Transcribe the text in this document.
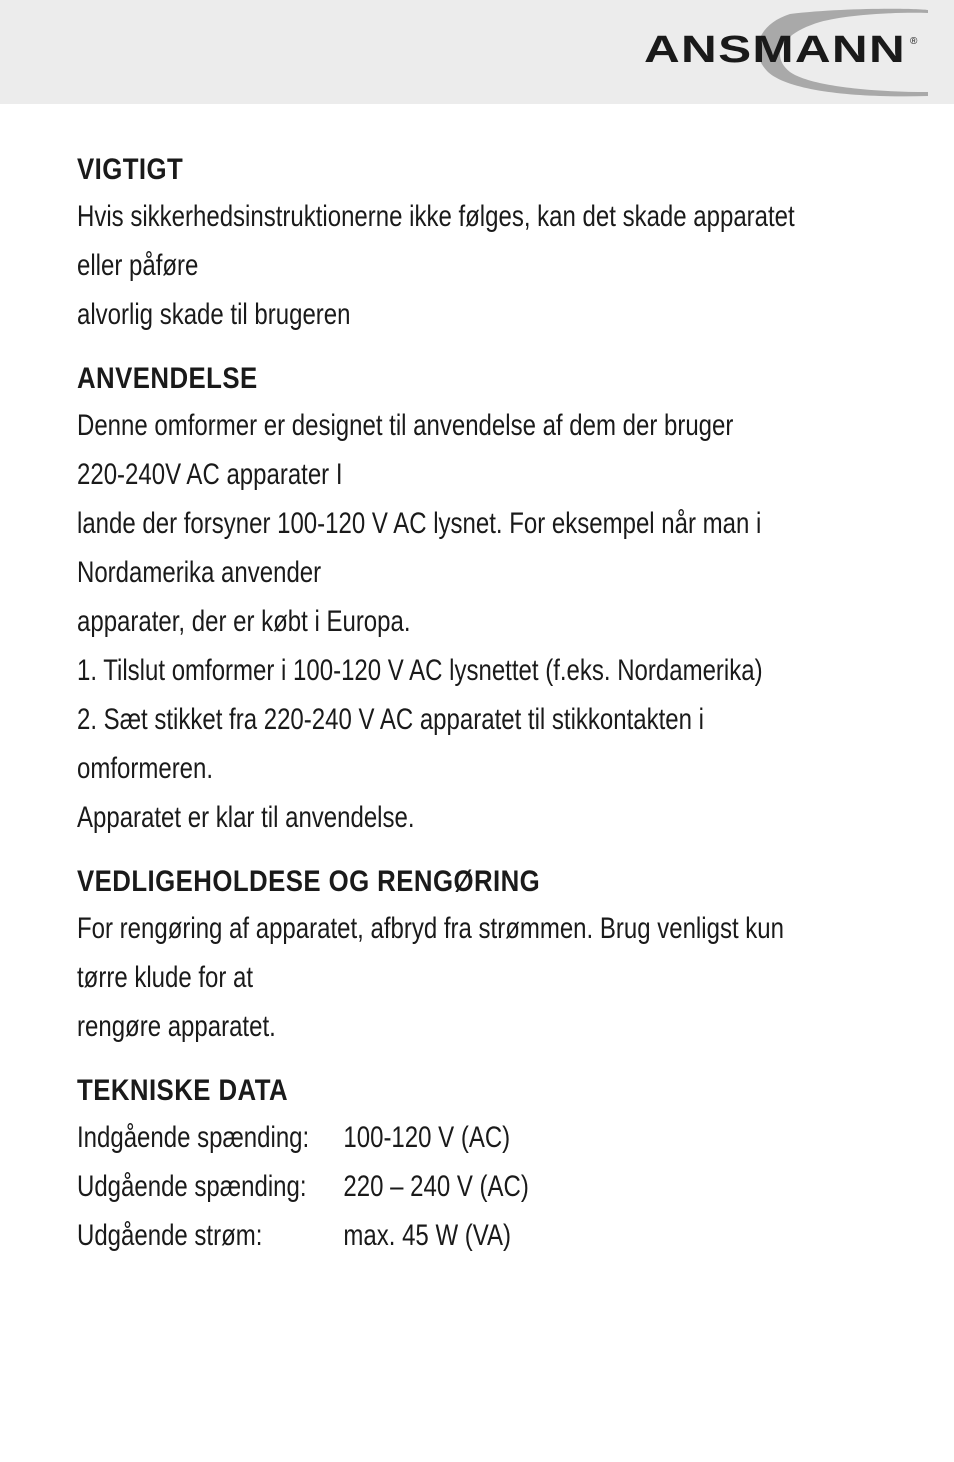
ANSMANN ®
VIGTIGT
Hvis sikkerhedsinstruktionerne ikke følges, kan det skade apparatet
eller påføre
alvorlig skade til brugeren
ANVENDELSE
Denne omformer er designet til anvendelse af dem der bruger
220-240V AC apparater I
lande der forsyner 100-120 V AC lysnet. For eksempel når man i
Nordamerika anvender
apparater, der er købt i Europa.
1. Tilslut omformer i 100-120 V AC lysnettet (f.eks. Nordamerika)
2. Sæt stikket fra 220-240 V AC apparatet til stikkontakten i
omformeren.
Apparatet er klar til anvendelse.
VEDLIGEHOLDESE OG RENGØRING
For rengøring af apparatet, afbryd fra strømmen. Brug venligst kun
tørre klude for at
rengøre apparatet.
TEKNISKE DATA
Indgående spænding:	100-120 V (AC)
Udgående spænding:	220 – 240 V (AC)
Udgående strøm:	max. 45 W (VA)
